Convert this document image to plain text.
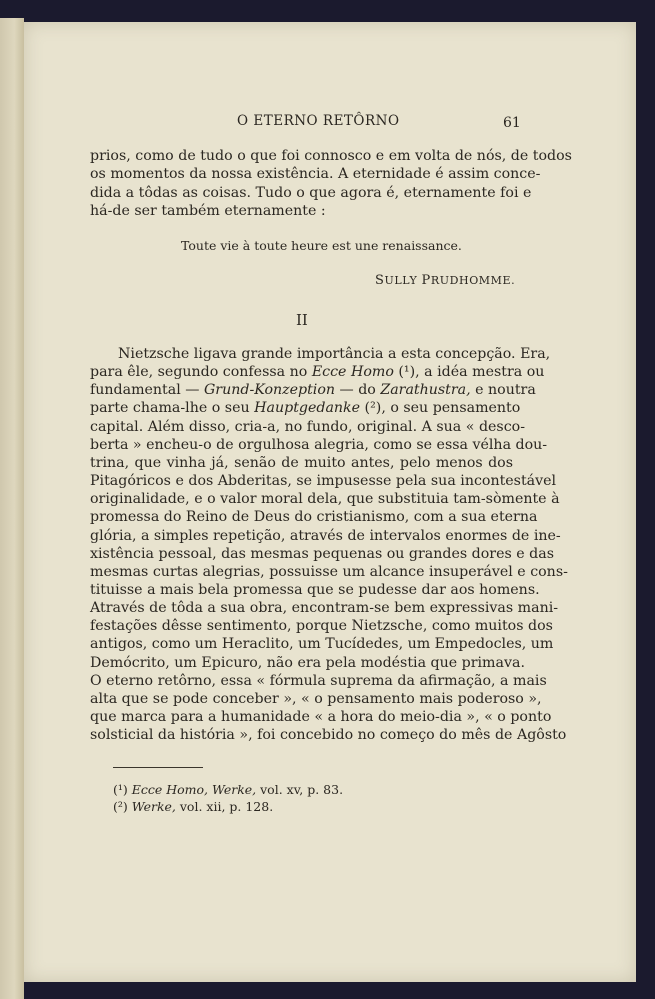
O ETERNO RETÔRNO	61
prios, como de tudo o que foi connosco e em volta de nós, de todos
os momentos da nossa existência. A eternidade é assim conce-
dida a tôdas as coisas. Tudo o que agora é, eternamente foi e
há-de ser também eternamente :
Toute vie à toute heure est une renaissance.
SULLY PRUDHOMME.
II
Nietzsche ligava grande importância a esta concepção. Era,
para êle, segundo confessa no Ecce Homo (¹), a idéa mestra ou
fundamental — Grund-Konzeption — do Zarathustra, e noutra
parte chama-lhe o seu Hauptgedanke (²), o seu pensamento
capital. Além disso, cria-a, no fundo, original. A sua « desco-
berta » encheu-o de orgulhosa alegria, como se essa vélha dou-
trina, que vinha já, senão de muito antes, pelo menos dos
Pitagóricos e dos Abderitas, se impusesse pela sua incontestável
originalidade, e o valor moral dela, que substituia tam-sòmente à
promessa do Reino de Deus do cristianismo, com a sua eterna
glória, a simples repetição, através de intervalos enormes de ine-
xistência pessoal, das mesmas pequenas ou grandes dores e das
mesmas curtas alegrias, possuisse um alcance insuperável e cons-
tituisse a mais bela promessa que se pudesse dar aos homens.
Através de tôda a sua obra, encontram-se bem expressivas mani-
festações dêsse sentimento, porque Nietzsche, como muitos dos
antigos, como um Heraclito, um Tucídedes, um Empedocles, um
Demócrito, um Epicuro, não era pela modéstia que primava.
O eterno retôrno, essa « fórmula suprema da afirmação, a mais
alta que se pode conceber », « o pensamento mais poderoso »,
que marca para a humanidade « a hora do meio-dia », « o ponto
solsticial da história », foi concebido no começo do mês de Agôsto
(¹) Ecce Homo, Werke, vol. xv, p. 83.
(²) Werke, vol. xii, p. 128.
